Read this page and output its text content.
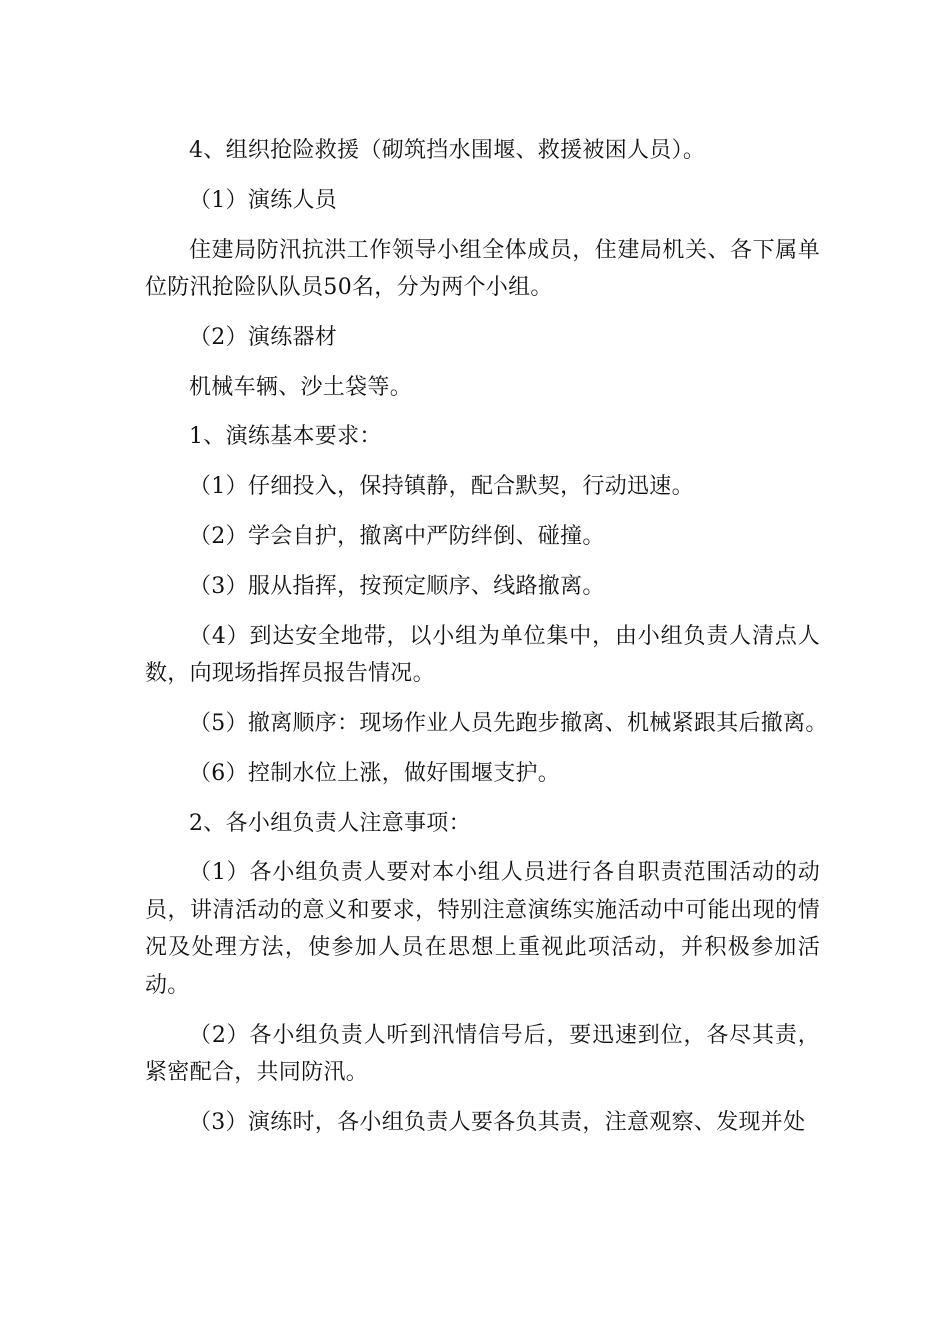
4、组织抢险救援（砌筑挡水围堰、救援被困人员）。

（1）演练人员

住建局防汛抗洪工作领导小组全体成员，住建局机关、各下属单位防汛抢险队队员50名，分为两个小组。

（2）演练器材

机械车辆、沙土袋等。

1、演练基本要求：

（1）仔细投入，保持镇静，配合默契，行动迅速。

（2）学会自护，撤离中严防绊倒、碰撞。

（3）服从指挥，按预定顺序、线路撤离。

（4）到达安全地带，以小组为单位集中，由小组负责人清点人数，向现场指挥员报告情况。

（5）撤离顺序：现场作业人员先跑步撤离、机械紧跟其后撤离。

（6）控制水位上涨，做好围堰支护。

2、各小组负责人注意事项：

（1）各小组负责人要对本小组人员进行各自职责范围活动的动员，讲清活动的意义和要求，特别注意演练实施活动中可能出现的情况及处理方法，使参加人员在思想上重视此项活动，并积极参加活动。

（2）各小组负责人听到汛情信号后，要迅速到位，各尽其责，紧密配合，共同防汛。

（3）演练时，各小组负责人要各负其责，注意观察、发现并处
